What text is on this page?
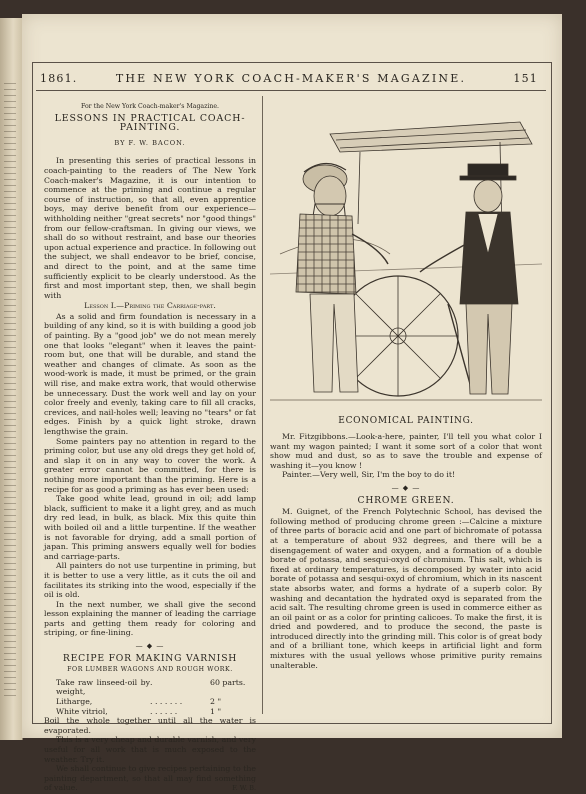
1861.	THE NEW YORK COACH-MAKER'S MAGAZINE.	151

For the New York Coach-maker's Magazine.

LESSONS IN PRACTICAL COACH-PAINTING.
BY F. W. BACON.

In presenting this series of practical lessons in coach-painting to the readers of The New York Coach-maker's Magazine, it is our intention to commence at the priming and continue a regular course of instruction, so that all, even apprentice boys, may derive benefit from our experience—withholding neither "great secrets" nor "good things" from our fellow-craftsman. In giving our views, we shall do so without restraint, and base our theories upon actual experience and practice. In following out the subject, we shall endeavor to be brief, concise, and direct to the point, and at the same time sufficiently explicit to be clearly understood. As the first and most important step, then, we shall begin with

Lesson I.—Priming the Carriage-part.

As a solid and firm foundation is necessary in a building of any kind, so it is with building a good job of painting. By a "good job" we do not mean merely one that looks "elegant" when it leaves the paint-room but, one that will be durable, and stand the weather and changes of climate. As soon as the wood-work is made, it must be primed, or the grain will rise, and make extra work, that would otherwise be unnecessary. Dust the work well and lay on your color freely and evenly, taking care to fill all cracks, crevices, and nail-holes well; leaving no "tears" or fat edges. Finish by a quick light stroke, drawn lengthwise the grain.

Some painters pay no attention in regard to the priming color, but use any old dregs they get hold of, and slap it on in any way to cover the work. A greater error cannot be committed, for there is nothing more important than the priming. Here is a recipe for as good a priming as has ever been used:

Take good white lead, ground in oil; add lamp black, sufficient to make it a light grey, and as much dry red lead, in bulk, as black. Mix this quite thin with boiled oil and a little turpentine. If the weather is not favorable for drying, add a small portion of japan. This priming answers equally well for bodies and carriage-parts.

All painters do not use turpentine in priming, but it is better to use a very little, as it cuts the oil and facilitates its striking into the wood, especially if the oil is old.

In the next number, we shall give the second lesson explaining the manner of leading the carriage parts and getting them ready for coloring and striping, or fine-lining.

— ◆ —
RECIPE FOR MAKING VARNISH
FOR LUMBER WAGONS AND ROUGH WORK.
Take raw linseed-oil by weight,
.	60 parts.
Litharge,	. . . . . . .	2 "
White vitriol,	. . . . . .	1 "

Boil the whole together until all the water is evaporated.

This is a very cheap and durable varnish, and very useful for all work that is much exposed to the weather. Try it.

We shall continue to give recipes pertaining to the painting department, so that all may find something of value.	F. W. B.
ECONOMICAL PAINTING.

Mr. Fitzgibbons.—Look-a-here, painter, I'll tell you what color I want my wagon painted; I want it some sort of a color that wont show mud and dust, so as to save the trouble and expense of washing it—you know !

Painter.—Very well, Sir, I'm the boy to do it!

— ◆ —
CHROME GREEN.

M. Guignet, of the French Polytechnic School, has devised the following method of producing chrome green :—Calcine a mixture of three parts of boracic acid and one part of bichromate of potassa at a temperature of about 932 degrees, and there will be a disengagement of water and oxygen, and a formation of a double borate of potassa, and sesqui-oxyd of chromium. This salt, which is fixed at ordinary temperatures, is decomposed by water into acid borate of potassa and sesqui-oxyd of chromium, which in its nascent state absorbs water, and forms a hydrate of a superb color. By washing and decantation the hydrated oxyd is separated from the acid salt. The resulting chrome green is used in commerce either as an oil paint or as a color for printing calicoes. To make the first, it is dried and powdered, and to produce the second, the paste is introduced directly into the grinding mill. This color is of great body and of a brilliant tone, which keeps in artificial light and form mixtures with the usual yellows whose primitive purity remains unalterable.
